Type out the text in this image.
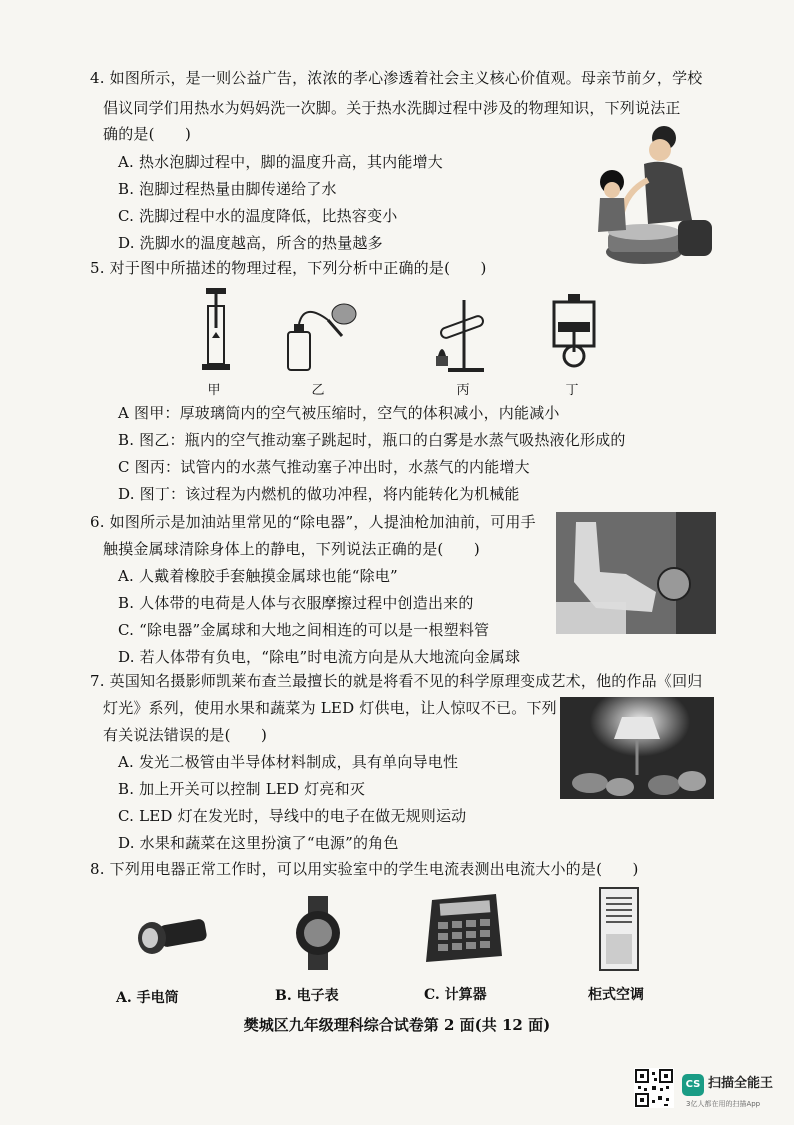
4. 如图所示，是一则公益广告，浓浓的孝心渗透着社会主义核心价值观。母亲节前夕，学校
倡议同学们用热水为妈妈洗一次脚。关于热水洗脚过程中涉及的物理知识，下列说法正
确的是(　　)
A. 热水泡脚过程中，脚的温度升高，其内能增大
B. 泡脚过程热量由脚传递给了水
C. 洗脚过程中水的温度降低，比热容变小
D. 洗脚水的温度越高，所含的热量越多
5. 对于图中所描述的物理过程，下列分析中正确的是(　　)
甲	乙	丙	丁
A 图甲：厚玻璃筒内的空气被压缩时，空气的体积减小，内能减小
B. 图乙：瓶内的空气推动塞子跳起时，瓶口的白雾是水蒸气吸热液化形成的
C 图丙：试管内的水蒸气推动塞子冲出时，水蒸气的内能增大
D. 图丁：该过程为内燃机的做功冲程，将内能转化为机械能
6. 如图所示是加油站里常见的“除电器”，人提油枪加油前，可用手
触摸金属球清除身体上的静电，下列说法正确的是(　　)
A. 人戴着橡胶手套触摸金属球也能“除电”
B. 人体带的电荷是人体与衣服摩擦过程中创造出来的
C. “除电器”金属球和大地之间相连的可以是一根塑料管
D. 若人体带有负电，“除电”时电流方向是从大地流向金属球
7. 英国知名摄影师凯莱布查兰最擅长的就是将看不见的科学原理变成艺术，他的作品《回归
灯光》系列，使用水果和蔬菜为 LED 灯供电，让人惊叹不已。下列
有关说法错误的是(　　)
A. 发光二极管由半导体材料制成，具有单向导电性
B. 加上开关可以控制 LED 灯亮和灭
C. LED 灯在发光时，导线中的电子在做无规则运动
D. 水果和蔬菜在这里扮演了“电源”的角色
8. 下列用电器正常工作时，可以用实验室中的学生电流表测出电流大小的是(　　)
A. 手电筒	B. 电子表	C. 计算器	柜式空调
樊城区九年级理科综合试卷第 2 面(共 12 面)
CS 扫描全能王
3亿人都在用的扫描App
